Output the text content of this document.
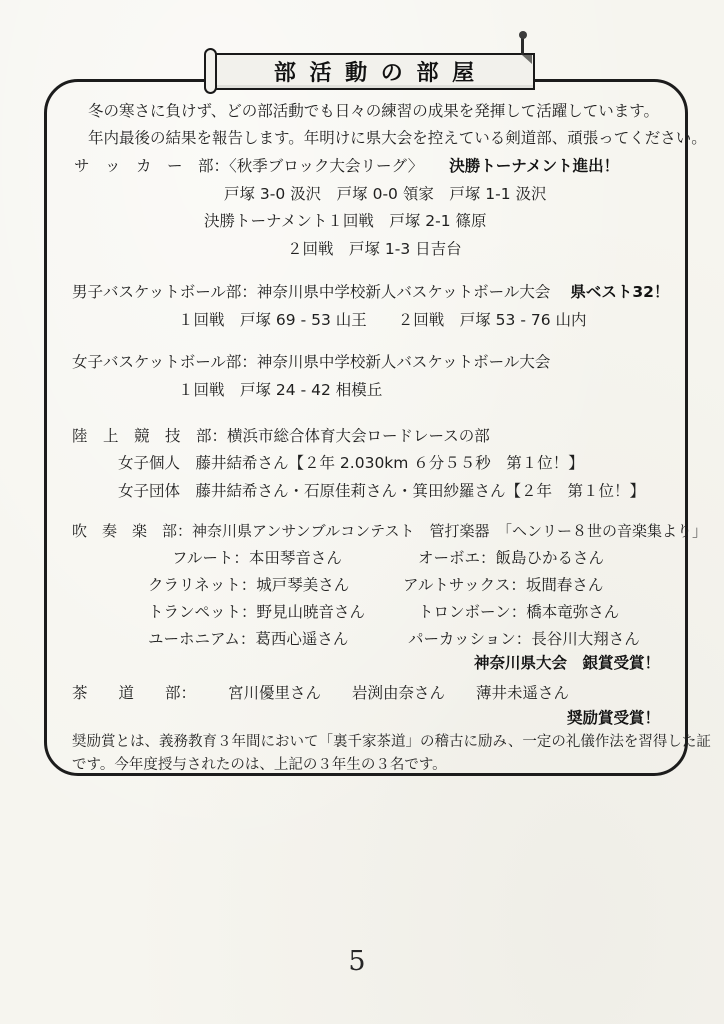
部活動の部屋
冬の寒さに負けず、どの部活動でも日々の練習の成果を発揮して活躍しています。
年内最後の結果を報告します。年明けに県大会を控えている剣道部、頑張ってください。
サ　ッ　カ　ー　部：〈秋季ブロック大会リーグ〉 決勝トーナメント進出！
戸塚 3-0 汲沢　戸塚 0-0 領家　戸塚 1-1 汲沢
決勝トーナメント１回戦　戸塚 2-1 篠原
２回戦　戸塚 1-3 日吉台
男子バスケットボール部：神奈川県中学校新人バスケットボール大会 県ベスト32！
１回戦　戸塚 69 - 53 山王　　２回戦　戸塚 53 - 76 山内
女子バスケットボール部：神奈川県中学校新人バスケットボール大会
１回戦　戸塚 24 - 42 相模丘
陸　上　競　技　部：横浜市総合体育大会ロードレースの部
女子個人　藤井結希さん【２年 2.030km ６分５５秒　第１位！】
女子団体　藤井結希さん・石原佳莉さん・箕田紗羅さん【２年　第１位！】
吹　奏　楽　部：神奈川県アンサンブルコンテスト　管打楽器　「ヘンリー８世の音楽集より」
フルート：本田琴音さん	オーボエ：飯島ひかるさん
クラリネット：城戸琴美さん	アルトサックス：坂間春さん
トランペット：野見山暁音さん	トロンボーン：橋本竜弥さん
ユーホニアム：葛西心遥さん	パーカッション：長谷川大翔さん
神奈川県大会　銀賞受賞！
茶　　道　　部： 宮川優里さん　　岩渕由奈さん　　薄井未遥さん
奨励賞受賞！
奨励賞とは、義務教育３年間において「裏千家茶道」の稽古に励み、一定の礼儀作法を習得した証
です。今年度授与されたのは、上記の３年生の３名です。
5
